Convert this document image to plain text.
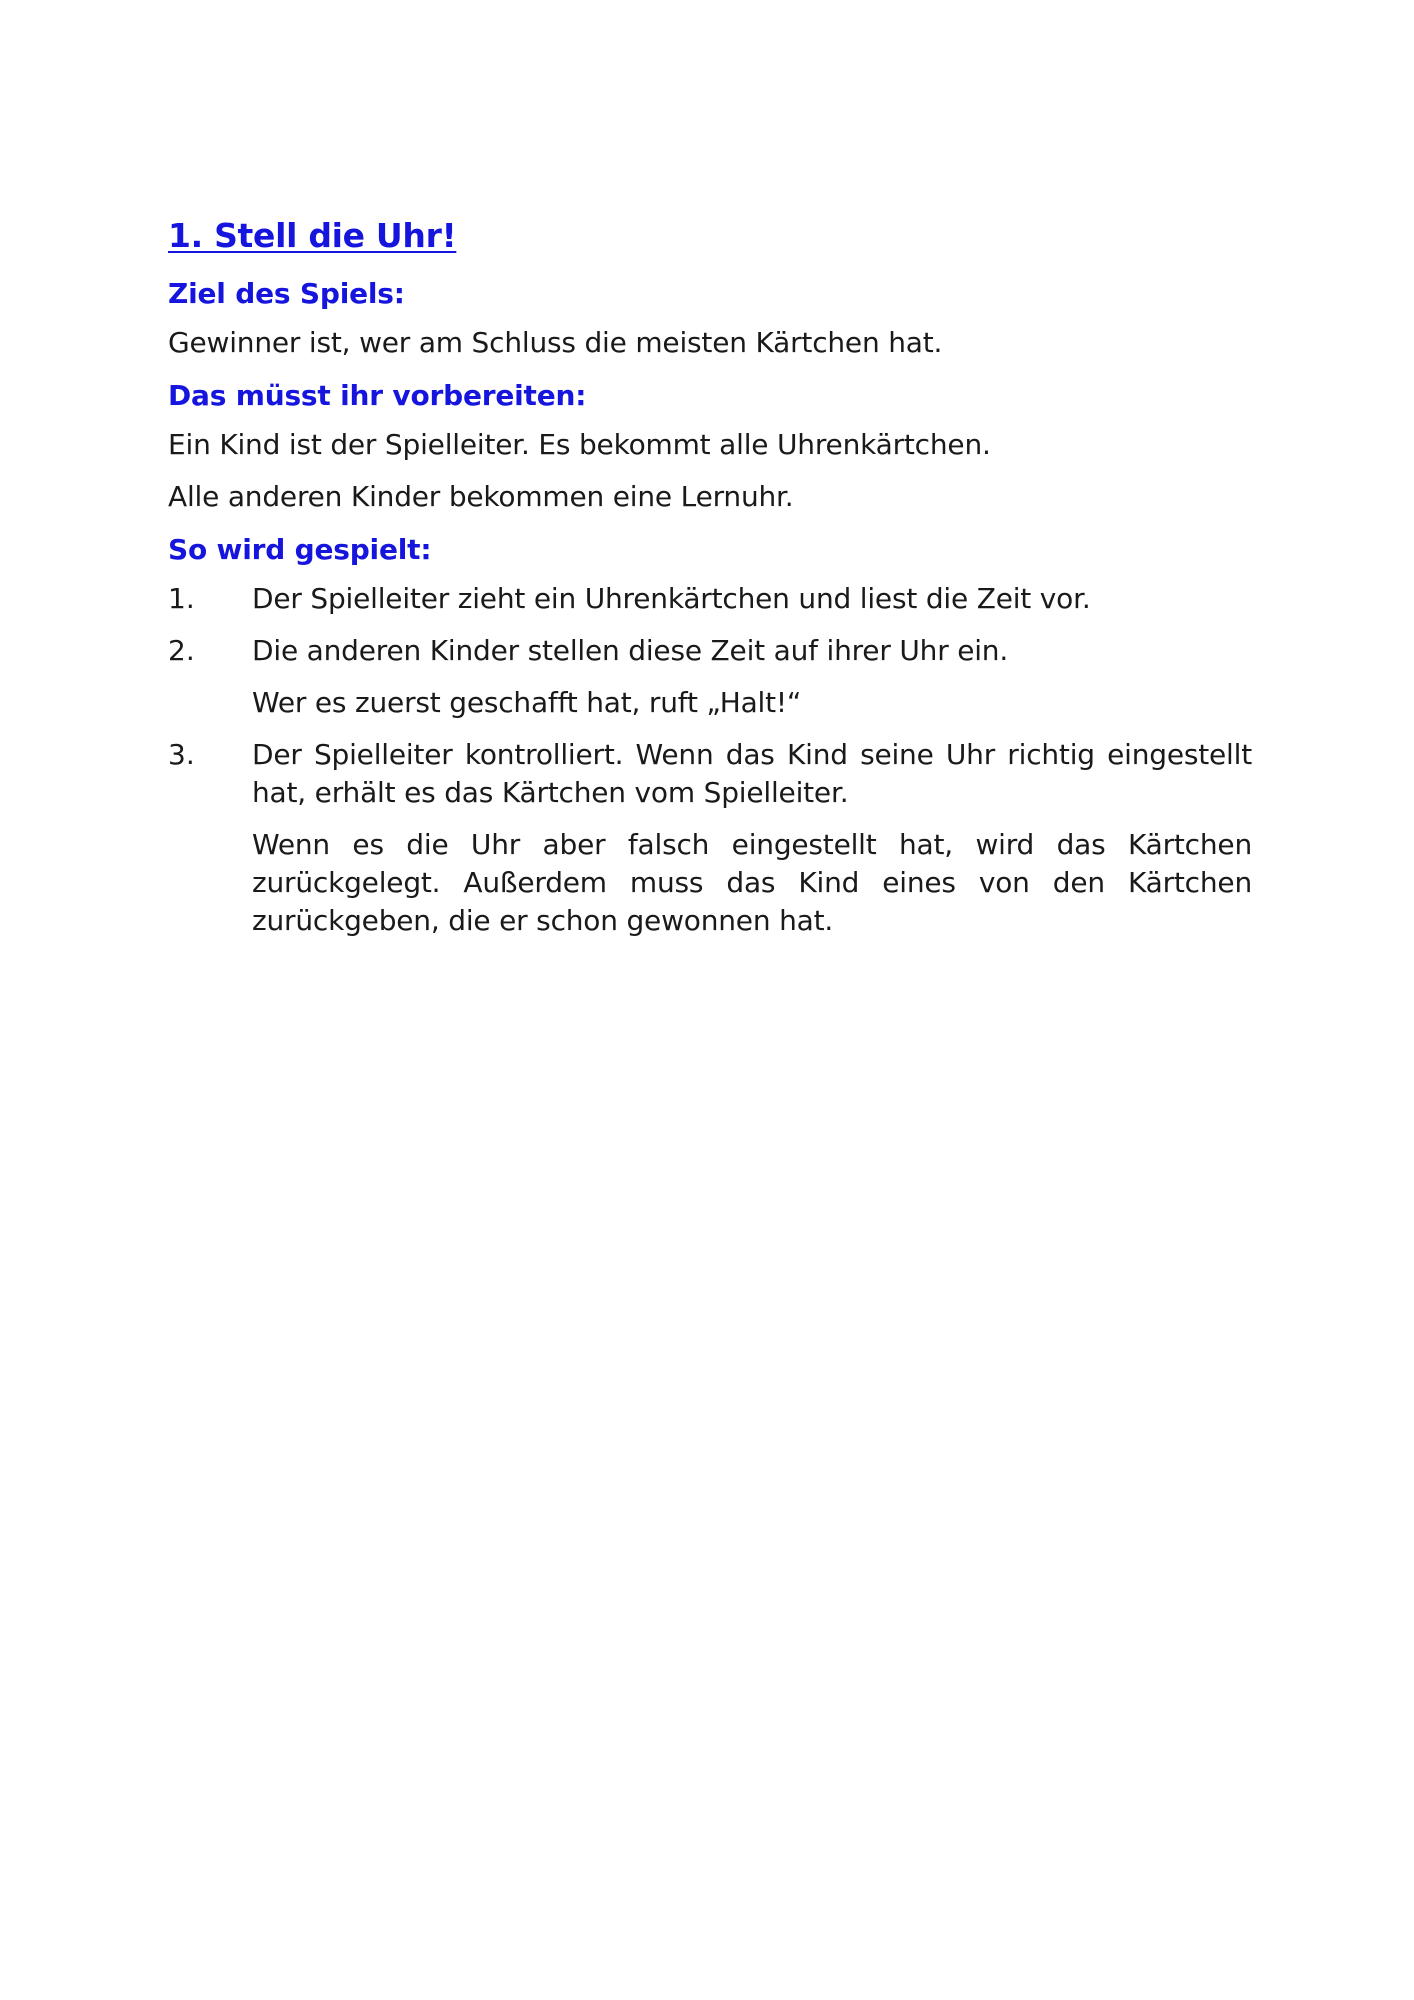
1. Stell die Uhr!
Ziel des Spiels:

Gewinner ist, wer am Schluss die meisten Kärtchen hat.

Das müsst ihr vorbereiten:

Ein Kind ist der Spielleiter. Es bekommt alle Uhrenkärtchen.

Alle anderen Kinder bekommen eine Lernuhr.

So wird gespielt:
1.	Der Spielleiter zieht ein Uhrenkärtchen und liest die Zeit vor.

2.	Die anderen Kinder stellen diese Zeit auf ihrer Uhr ein.

Wer es zuerst geschafft hat, ruft „Halt!“

3.	Der Spielleiter kontrolliert. Wenn das Kind seine Uhr richtig eingestellt hat, erhält es das Kärtchen vom Spielleiter.

Wenn es die Uhr aber falsch eingestellt hat, wird das Kärtchen zurückgelegt. Außerdem muss das Kind eines von den Kärtchen zurückgeben, die er schon gewonnen hat.
